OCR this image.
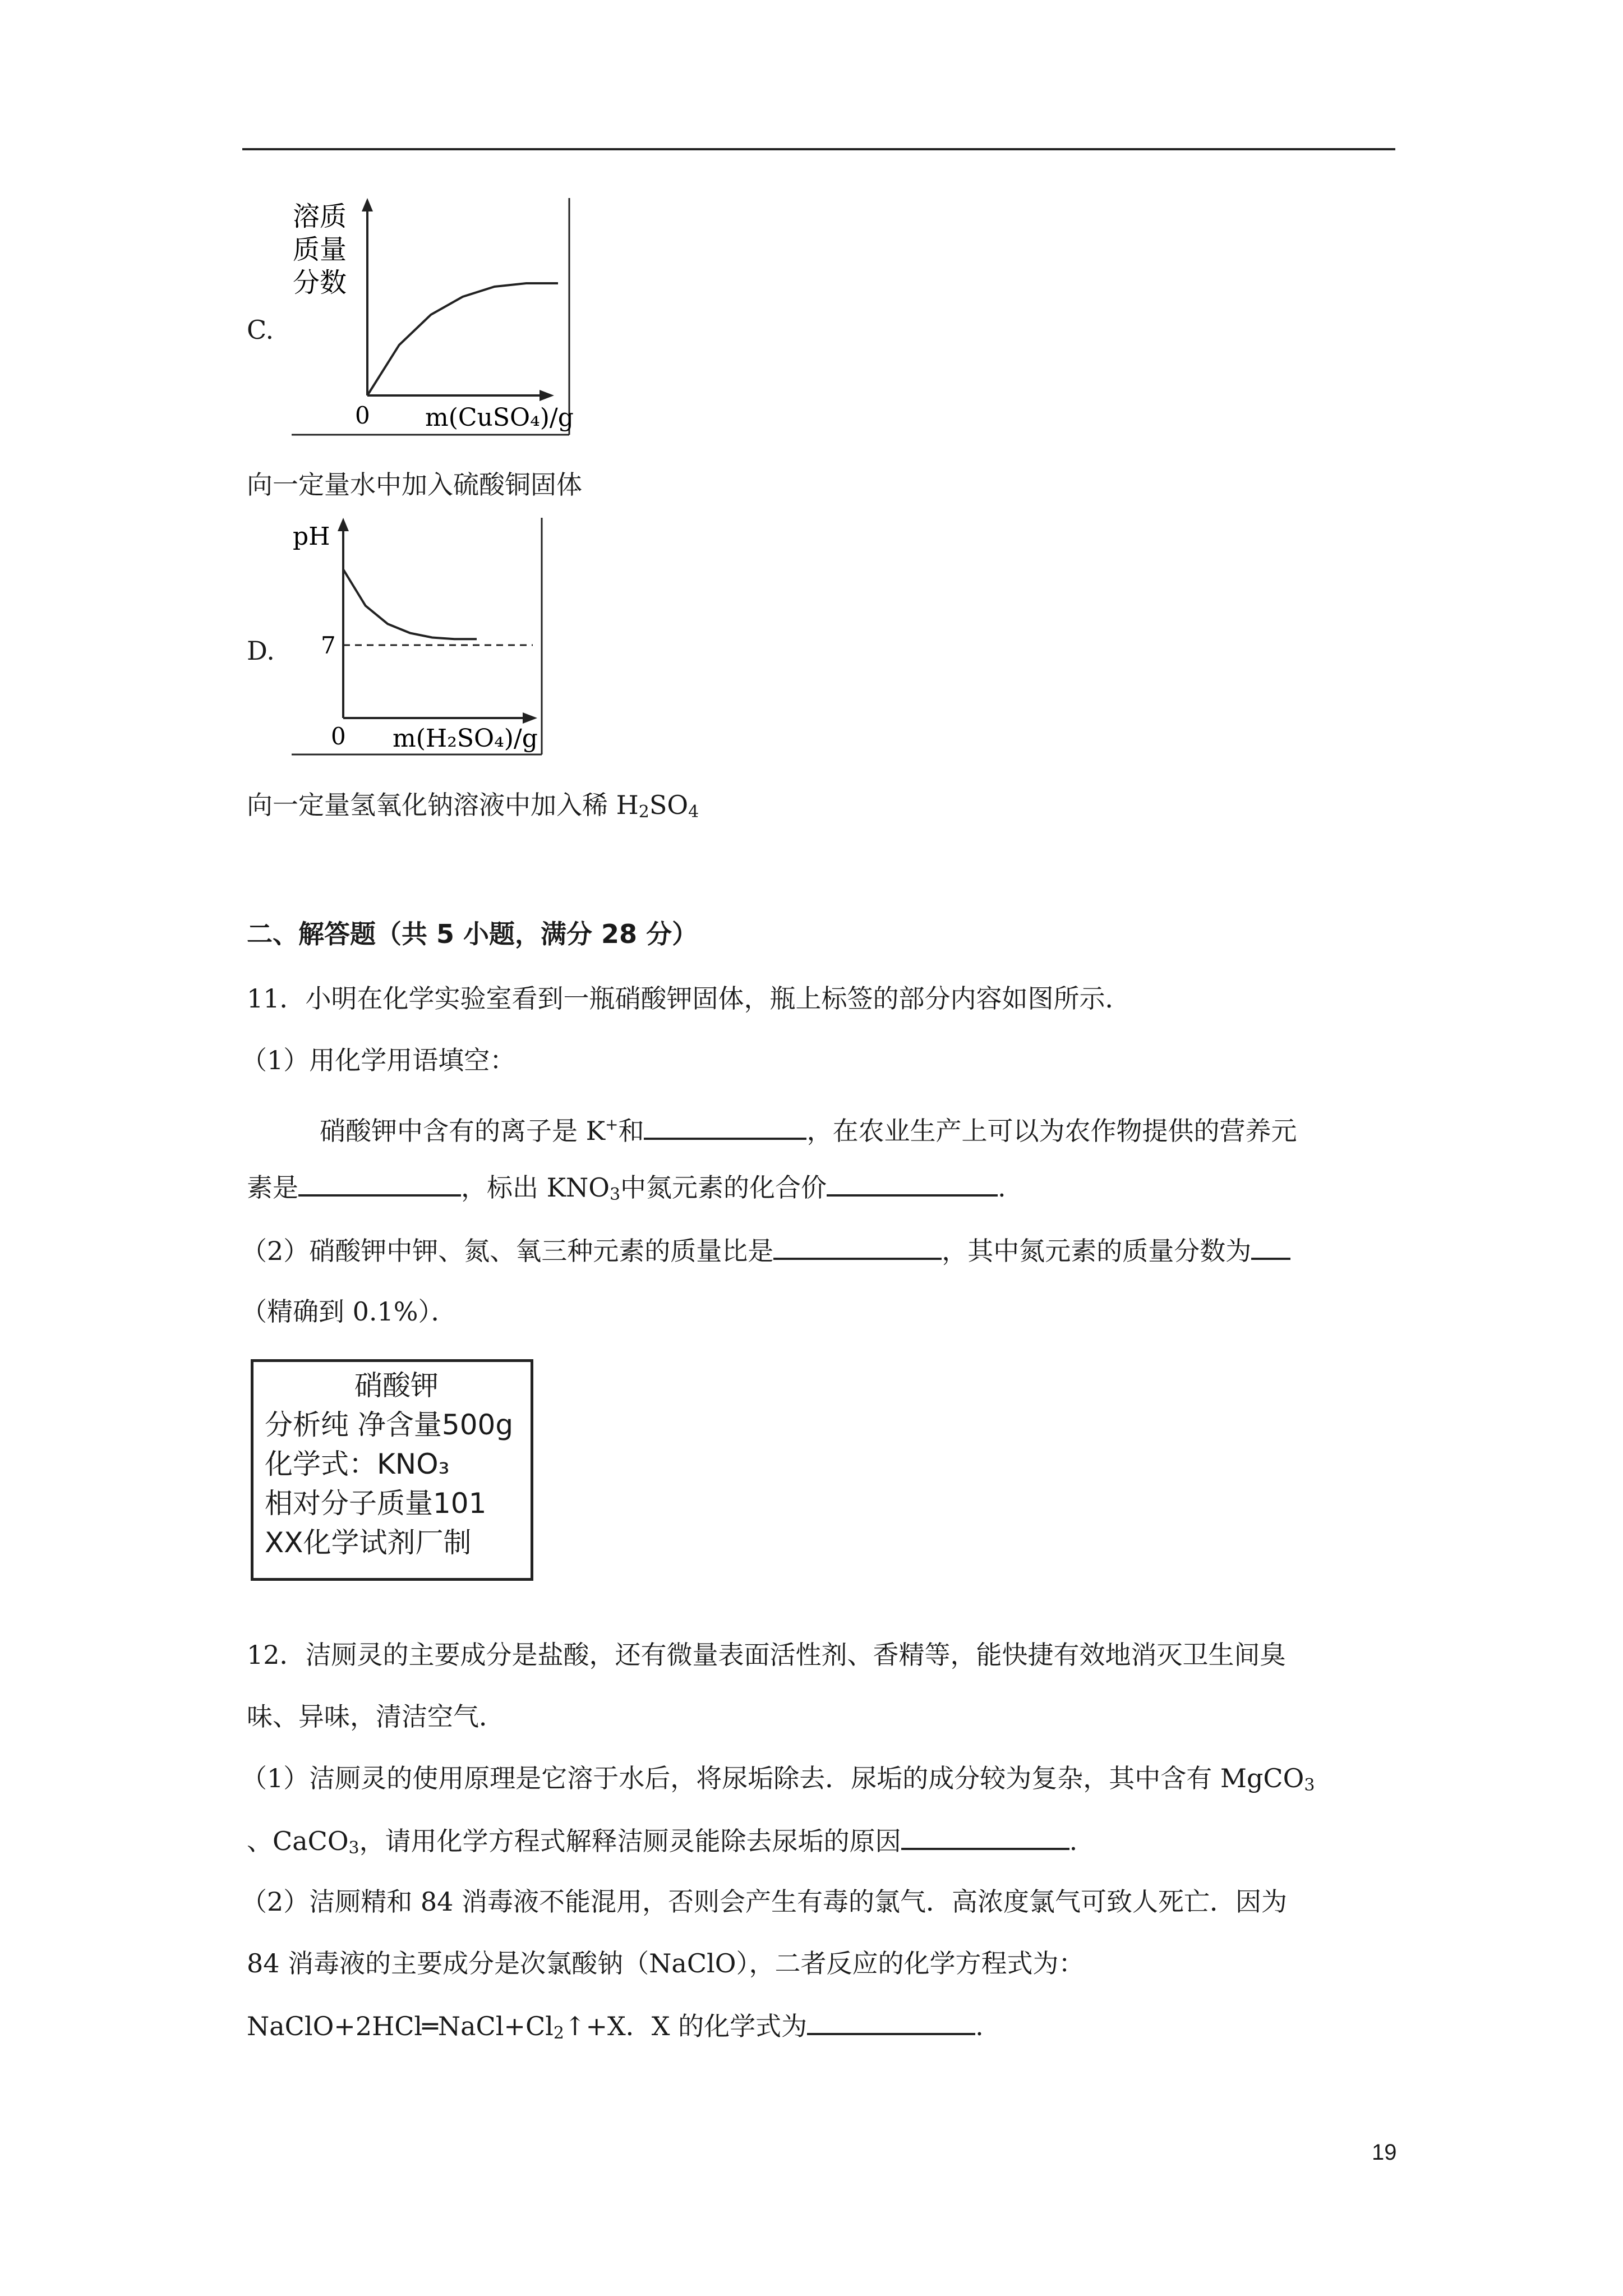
C.
溶质
质量
分数
0 m(CuSO₄)/g
向一定量水中加入硫酸铜固体
D.
pH
7
0 m(H₂SO₄)/g
向一定量氢氧化钠溶液中加入稀 $H_2SO_4$
二、解答题（共 5 小题，满分 28 分）
11．小明在化学实验室看到一瓶硝酸钾固体，瓶上标签的部分内容如图所示．
（1）用化学用语填空：
硝酸钾中含有的离子是 K+和	，在农业生产上可以为农作物提供的营养元
素是	，标出 $KNO_3$中氮元素的化合价	.
（2）硝酸钾中钾、氮、氧三种元素的质量比是	，其中氮元素的质量分数为
（精确到 0.1%）．
硝酸钾
分析纯 净含量500g
化学式：KNO₃
相对分子质量101
XX化学试剂厂制
12．洁厕灵的主要成分是盐酸，还有微量表面活性剂、香精等，能快捷有效地消灭卫生间臭
味、异味，清洁空气．
（1）洁厕灵的使用原理是它溶于水后，将尿垢除去．尿垢的成分较为复杂，其中含有 MgCO$_3$
、CaCO$_3$，请用化学方程式解释洁厕灵能除去尿垢的原因	.
（2）洁厕精和 84 消毒液不能混用，否则会产生有毒的氯气．高浓度氯气可致人死亡．因为
84 消毒液的主要成分是次氯酸钠（NaClO），二者反应的化学方程式为：
$NaClO+2HCl═NaCl+Cl_2↑+X$．X 的化学式为	.
19
